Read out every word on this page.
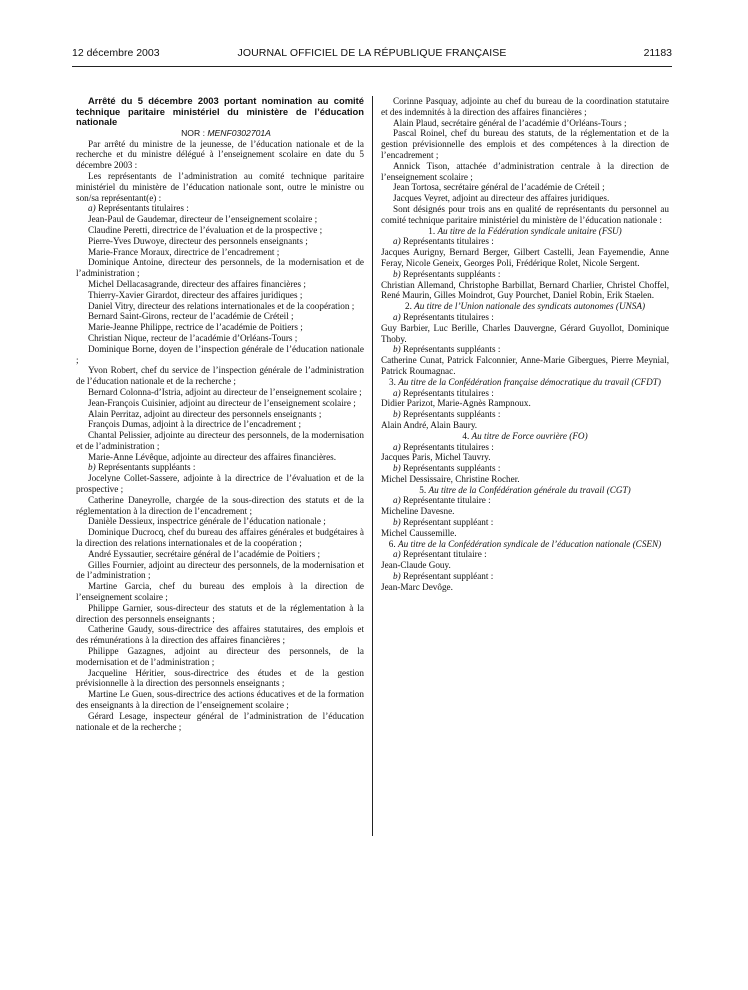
12 décembre 2003	JOURNAL OFFICIEL DE LA RÉPUBLIQUE FRANÇAISE	21183

Arrêté du 5 décembre 2003 portant nomination au comité technique paritaire ministériel du ministère de l’éducation nationale

NOR : MENF0302701A

Par arrêté du ministre de la jeunesse, de l’éducation nationale et de la recherche et du ministre délégué à l’enseignement scolaire en date du 5 décembre 2003 :

Les représentants de l’administration au comité technique paritaire ministériel du ministère de l’éducation nationale sont, outre le ministre ou son/sa représentant(e) :

a) Représentants titulaires :

Jean-Paul de Gaudemar, directeur de l’enseignement scolaire ;

Claudine Peretti, directrice de l’évaluation et de la prospective ;

Pierre-Yves Duwoye, directeur des personnels enseignants ;

Marie-France Moraux, directrice de l’encadrement ;

Dominique Antoine, directeur des personnels, de la modernisation et de l’administration ;

Michel Dellacasagrande, directeur des affaires financières ;

Thierry-Xavier Girardot, directeur des affaires juridiques ;

Daniel Vitry, directeur des relations internationales et de la coopération ;

Bernard Saint-Girons, recteur de l’académie de Créteil ;

Marie-Jeanne Philippe, rectrice de l’académie de Poitiers ;

Christian Nique, recteur de l’académie d’Orléans-Tours ;

Dominique Borne, doyen de l’inspection générale de l’éducation nationale ;

Yvon Robert, chef du service de l’inspection générale de l’administration de l’éducation nationale et de la recherche ;

Bernard Colonna-d’Istria, adjoint au directeur de l’enseignement scolaire ;

Jean-François Cuisinier, adjoint au directeur de l’enseignement scolaire ;

Alain Perritaz, adjoint au directeur des personnels enseignants ;

François Dumas, adjoint à la directrice de l’encadrement ;

Chantal Pelissier, adjointe au directeur des personnels, de la modernisation et de l’administration ;

Marie-Anne Lévêque, adjointe au directeur des affaires financières.

b) Représentants suppléants :

Jocelyne Collet-Sassere, adjointe à la directrice de l’évaluation et de la prospective ;

Catherine Daneyrolle, chargée de la sous-direction des statuts et de la réglementation à la direction de l’encadrement ;

Danièle Dessieux, inspectrice générale de l’éducation nationale ;

Dominique Ducrocq, chef du bureau des affaires générales et budgétaires à la direction des relations internationales et de la coopération ;

André Eyssautier, secrétaire général de l’académie de Poitiers ;

Gilles Fournier, adjoint au directeur des personnels, de la modernisation et de l’administration ;

Martine Garcia, chef du bureau des emplois à la direction de l’enseignement scolaire ;

Philippe Garnier, sous-directeur des statuts et de la réglementation à la direction des personnels enseignants ;

Catherine Gaudy, sous-directrice des affaires statutaires, des emplois et des rémunérations à la direction des affaires financières ;

Philippe Gazagnes, adjoint au directeur des personnels, de la modernisation et de l’administration ;

Jacqueline Héritier, sous-directrice des études et de la gestion prévisionnelle à la direction des personnels enseignants ;

Martine Le Guen, sous-directrice des actions éducatives et de la formation des enseignants à la direction de l’enseignement scolaire ;

Gérard Lesage, inspecteur général de l’administration de l’éducation nationale et de la recherche ;

Corinne Pasquay, adjointe au chef du bureau de la coordination statutaire et des indemnités à la direction des affaires financières ;

Alain Plaud, secrétaire général de l’académie d’Orléans-Tours ;

Pascal Roinel, chef du bureau des statuts, de la réglementation et de la gestion prévisionnelle des emplois et des compétences à la direction de l’encadrement ;

Annick Tison, attachée d’administration centrale à la direction de l’enseignement scolaire ;

Jean Tortosa, secrétaire général de l’académie de Créteil ;

Jacques Veyret, adjoint au directeur des affaires juridiques.

Sont désignés pour trois ans en qualité de représentants du personnel au comité technique paritaire ministériel du ministère de l’éducation nationale :

1. Au titre de la Fédération syndicale unitaire (FSU)

a) Représentants titulaires :

Jacques Aurigny, Bernard Berger, Gilbert Castelli, Jean Fayemendie, Anne Feray, Nicole Geneix, Georges Poli, Frédérique Rolet, Nicole Sergent.

b) Représentants suppléants :

Christian Allemand, Christophe Barbillat, Bernard Charlier, Christel Choffel, René Maurin, Gilles Moindrot, Guy Pourchet, Daniel Robin, Erik Staelen.

2. Au titre de l’Union nationale des syndicats autonomes (UNSA)

a) Représentants titulaires :

Guy Barbier, Luc Berille, Charles Dauvergne, Gérard Guyollot, Dominique Thoby.

b) Représentants suppléants :

Catherine Cunat, Patrick Falconnier, Anne-Marie Gibergues, Pierre Meynial, Patrick Roumagnac.

3. Au titre de la Confédération française démocratique du travail (CFDT)

a) Représentants titulaires :

Didier Parizot, Marie-Agnès Rampnoux.

b) Représentants suppléants :

Alain André, Alain Baury.

4. Au titre de Force ouvrière (FO)

a) Représentants titulaires :

Jacques Paris, Michel Tauvry.

b) Représentants suppléants :

Michel Dessissaire, Christine Rocher.

5. Au titre de la Confédération générale du travail (CGT)

a) Représentante titulaire :

Micheline Davesne.

b) Représentant suppléant :

Michel Caussemille.

6. Au titre de la Confédération syndicale de l’éducation nationale (CSEN)

a) Représentant titulaire :

Jean-Claude Gouy.

b) Représentant suppléant :

Jean-Marc Devôge.
